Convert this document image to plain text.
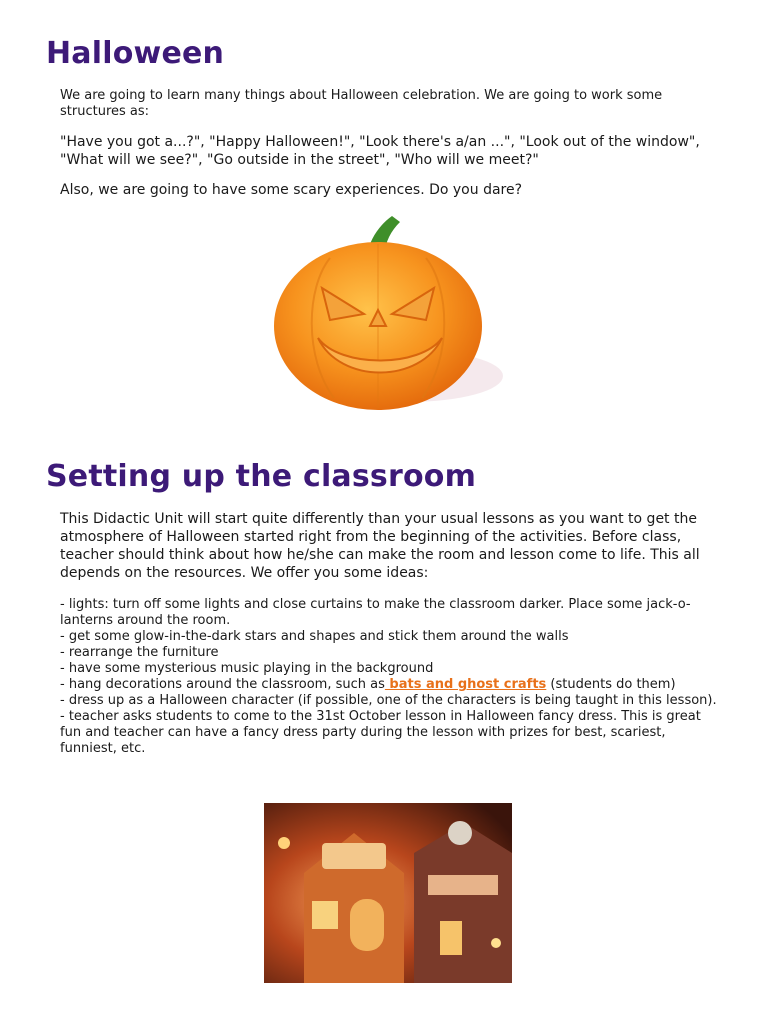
Halloween

We are going to learn many things about Halloween celebration. We are going to work some structures as:

"Have you got a...?", "Happy Halloween!", "Look there's a/an ...", "Look out of the window", "What will we see?", "Go outside in the street", "Who will we meet?"

Also, we are going to have some scary experiences. Do you dare?

Setting up the classroom

This Didactic Unit will start quite differently than your usual lessons as you want to get the atmosphere of Halloween started right from the beginning of the activities. Before class, teacher should think about how he/she can make the room and lesson come to life. This all depends on the resources. We offer you some ideas:

- lights: turn off some lights and close curtains to make the classroom darker. Place some jack-o-lanterns around the room.
- get some glow-in-the-dark stars and shapes and stick them around the walls
- rearrange the furniture
- have some mysterious music playing in the background
- hang decorations around the classroom, such as bats and ghost crafts (students do them)
- dress up as a Halloween character (if possible, one of the characters is being taught in this lesson).
- teacher asks students to come to the 31st October lesson in Halloween fancy dress. This is great fun and teacher can have a fancy dress party during the lesson with prizes for best, scariest, funniest, etc.
